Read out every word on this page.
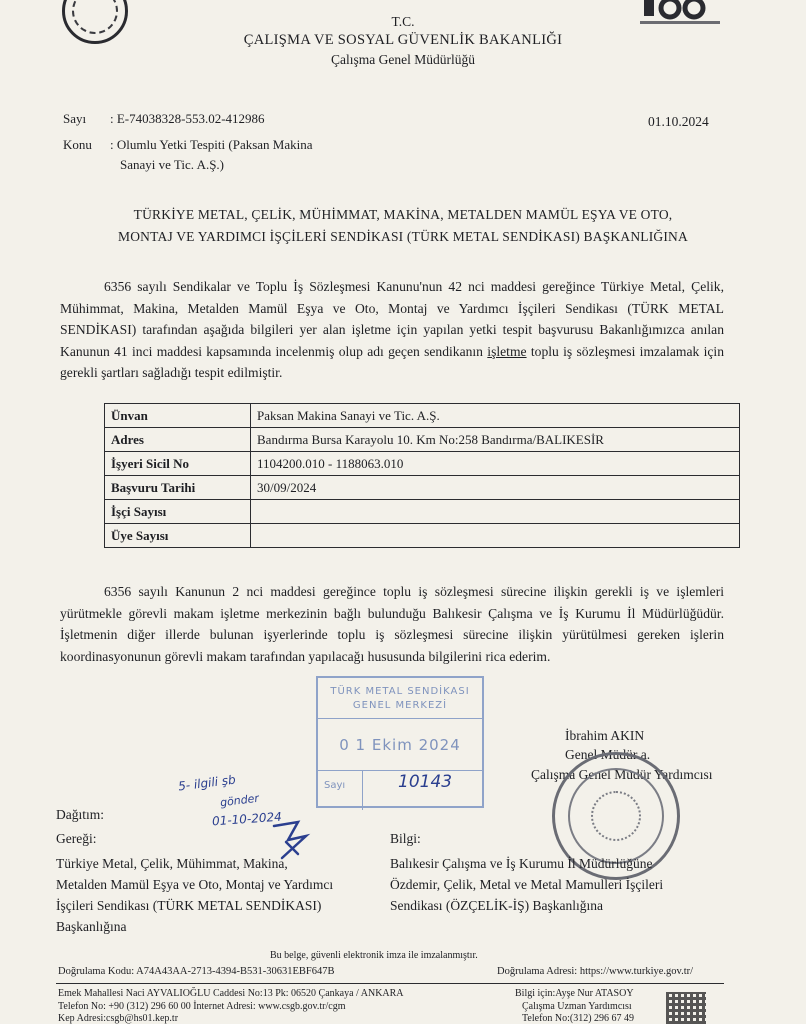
T.C.
ÇALIŞMA VE SOSYAL GÜVENLİK BAKANLIĞI
Çalışma Genel Müdürlüğü
Sayı : E-74038328-553.02-412986	01.10.2024
Konu : Olumlu Yetki Tespiti (Paksan Makina
Sanayi ve Tic. A.Ş.)
TÜRKİYE METAL, ÇELİK, MÜHİMMAT, MAKİNA, METALDEN MAMÜL EŞYA VE OTO,
MONTAJ VE YARDIMCI İŞÇİLERİ SENDİKASI (TÜRK METAL SENDİKASI) BAŞKANLIĞINA
6356 sayılı Sendikalar ve Toplu İş Sözleşmesi Kanunu'nun 42 nci maddesi gereğince Türkiye Metal, Çelik, Mühimmat, Makina, Metalden Mamül Eşya ve Oto, Montaj ve Yardımcı İşçileri Sendikası (TÜRK METAL SENDİKASI) tarafından aşağıda bilgileri yer alan işletme için yapılan yetki tespit başvurusu Bakanlığımızca anılan Kanunun 41 inci maddesi kapsamında incelenmiş olup adı geçen sendikanın işletme toplu iş sözleşmesi imzalamak için gerekli şartları sağladığı tespit edilmiştir.
Ünvan	Paksan Makina Sanayi ve Tic. A.Ş.
Adres	Bandırma Bursa Karayolu 10. Km No:258 Bandırma/BALIKESİR
İşyeri Sicil No	1104200.010 - 1188063.010
Başvuru Tarihi	30/09/2024
İşçi Sayısı	
Üye Sayısı	
6356 sayılı Kanunun 2 nci maddesi gereğince toplu iş sözleşmesi sürecine ilişkin gerekli iş ve işlemleri yürütmekle görevli makam işletme merkezinin bağlı bulunduğu Balıkesir Çalışma ve İş Kurumu İl Müdürlüğüdür. İşletmenin diğer illerde bulunan işyerlerinde toplu iş sözleşmesi sürecine ilişkin yürütülmesi gereken işlerin koordinasyonunun görevli makam tarafından yapılacağı hususunda bilgilerini rica ederim.
TÜRK METAL SENDİKASI
GENEL MERKEZİ
0 1 Ekim 2024
Sayı	10143
5- ilgili şb
gönder
01-10-2024
İbrahim AKIN
Genel Müdür a.
Çalışma Genel Müdür Yardımcısı
Dağıtım:
Gereği:
Türkiye Metal, Çelik, Mühimmat, Makina,
Metalden Mamül Eşya ve Oto, Montaj ve Yardımcı
İşçileri Sendikası (TÜRK METAL SENDİKASI)
Başkanlığına
Bilgi:
Balıkesir Çalışma ve İş Kurumu İl Müdürlüğüne
Özdemir, Çelik, Metal ve Metal Mamulleri İşçileri
Sendikası (ÖZÇELİK-İŞ) Başkanlığına
Bu belge, güvenli elektronik imza ile imzalanmıştır.
Doğrulama Kodu: A74A43AA-2713-4394-B531-30631EBF647B	Doğrulama Adresi: https://www.turkiye.gov.tr/
Emek Mahallesi Naci AYVALIOĞLU Caddesi No:13 Pk: 06520 Çankaya / ANKARA
Telefon No: +90 (312) 296 60 00 İnternet Adresi: www.csgb.gov.tr/cgm
Kep Adresi:csgb@hs01.kep.tr
Bilgi için:Ayşe Nur ATASOY
Çalışma Uzman Yardımcısı
Telefon No:(312) 296 67 49
